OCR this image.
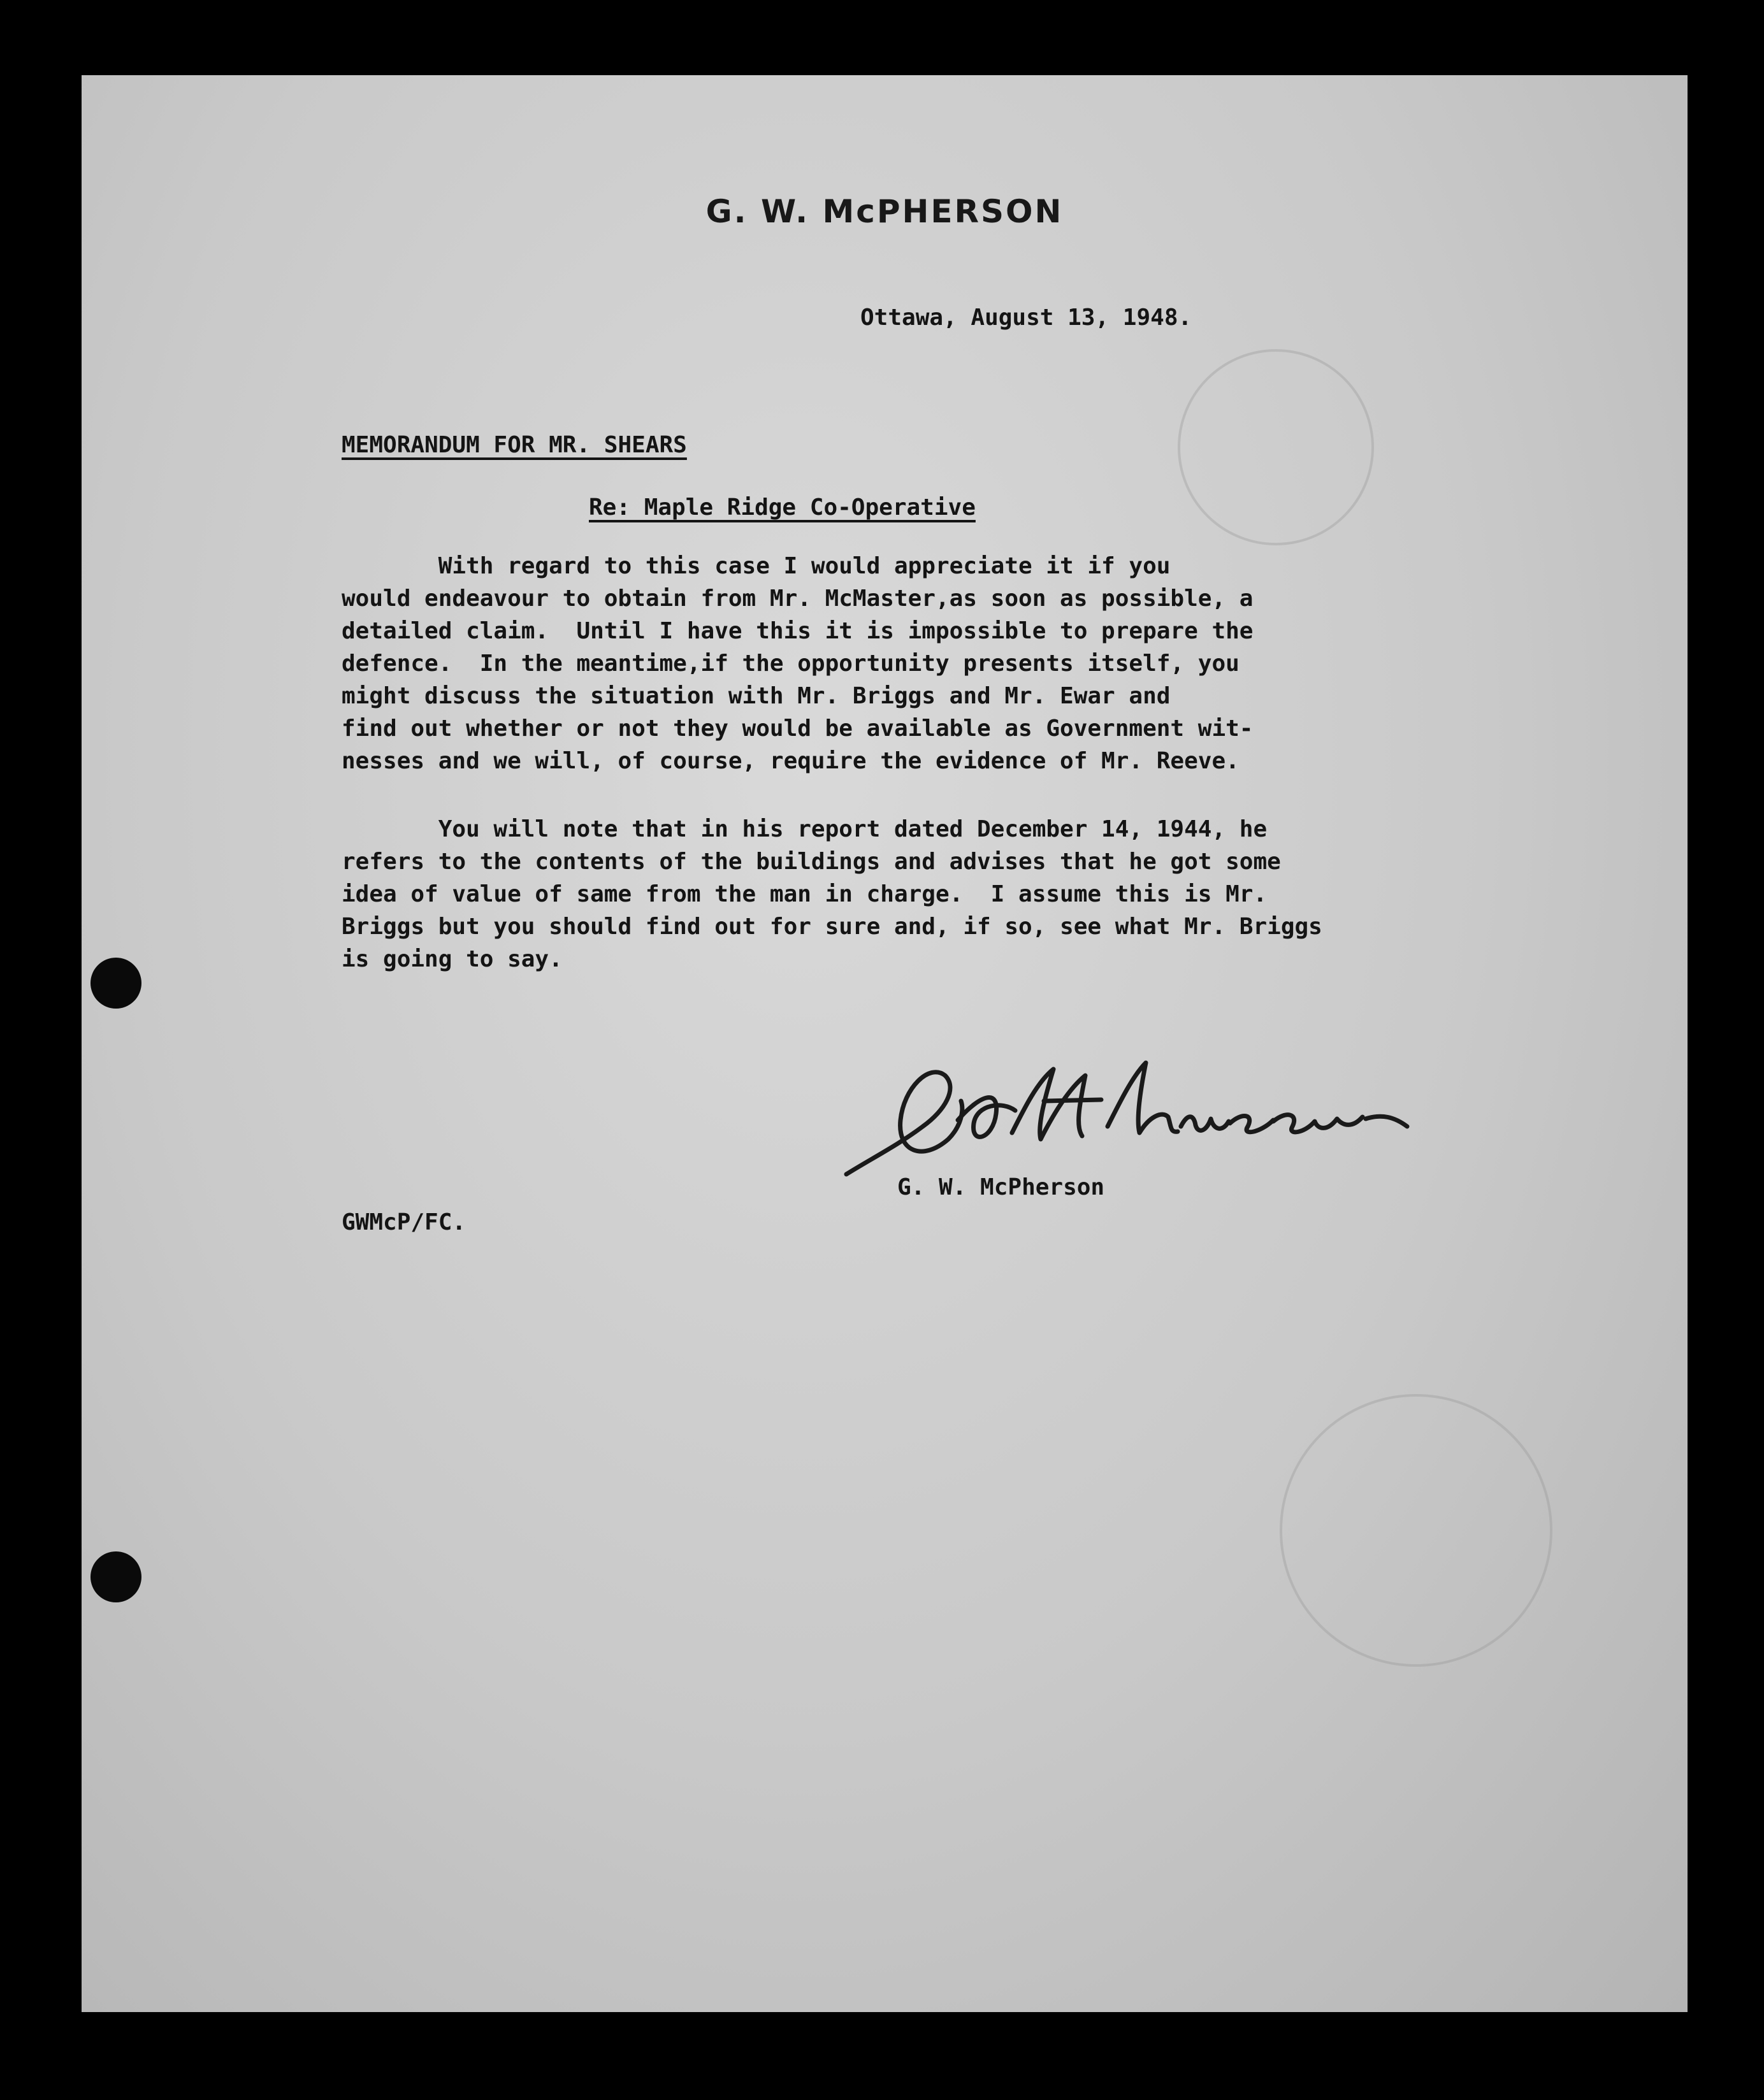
G. W. McPHERSON
Ottawa, August 13, 1948.
MEMORANDUM FOR MR. SHEARS
Re: Maple Ridge Co-Operative
With regard to this case I would appreciate it if you
would endeavour to obtain from Mr. McMaster,as soon as possible, a
detailed claim.  Until I have this it is impossible to prepare the
defence.  In the meantime,if the opportunity presents itself, you
might discuss the situation with Mr. Briggs and Mr. Ewar and
find out whether or not they would be available as Government wit-
nesses and we will, of course, require the evidence of Mr. Reeve.
You will note that in his report dated December 14, 1944, he
refers to the contents of the buildings and advises that he got some
idea of value of same from the man in charge.  I assume this is Mr.
Briggs but you should find out for sure and, if so, see what Mr. Briggs
is going to say.
G. W. McPherson
GWMcP/FC.
